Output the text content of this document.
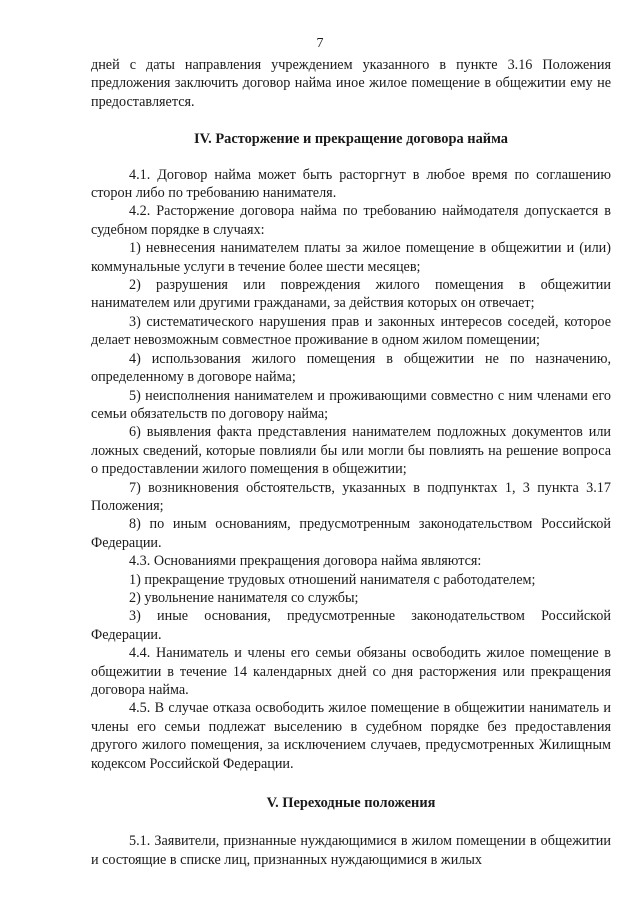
7

дней с даты направления учреждением указанного в пункте 3.16 Положения предложения заключить договор найма иное жилое помещение в общежитии ему не предоставляется.

IV. Расторжение и прекращение договора найма

4.1. Договор найма может быть расторгнут в любое время по соглашению сторон либо по требованию нанимателя.

4.2. Расторжение договора найма по требованию наймодателя допускается в судебном порядке в случаях:

1) невнесения нанимателем платы за жилое помещение в общежитии и (или) коммунальные услуги в течение более шести месяцев;

2) разрушения или повреждения жилого помещения в общежитии нанимателем или другими гражданами, за действия которых он отвечает;

3) систематического нарушения прав и законных интересов соседей, которое делает невозможным совместное проживание в одном жилом помещении;

4) использования жилого помещения в общежитии не по назначению, определенному в договоре найма;

5) неисполнения нанимателем и проживающими совместно с ним членами его семьи обязательств по договору найма;

6) выявления факта представления нанимателем подложных документов или ложных сведений, которые повлияли бы или могли бы повлиять на решение вопроса о предоставлении жилого помещения в общежитии;

7) возникновения обстоятельств, указанных в подпунктах 1, 3 пункта 3.17 Положения;

8) по иным основаниям, предусмотренным законодательством Российской Федерации.

4.3. Основаниями прекращения договора найма являются:

1) прекращение трудовых отношений нанимателя с работодателем;

2) увольнение нанимателя со службы;

3) иные основания, предусмотренные законодательством Российской Федерации.

4.4. Наниматель и члены его семьи обязаны освободить жилое помещение в общежитии в течение 14 календарных дней со дня расторжения или прекращения договора найма.

4.5. В случае отказа освободить жилое помещение в общежитии наниматель и члены его семьи подлежат выселению в судебном порядке без предоставления другого жилого помещения, за исключением случаев, предусмотренных Жилищным кодексом Российской Федерации.

V. Переходные положения

5.1. Заявители, признанные нуждающимися в жилом помещении в общежитии и состоящие в списке лиц, признанных нуждающимися в жилых
